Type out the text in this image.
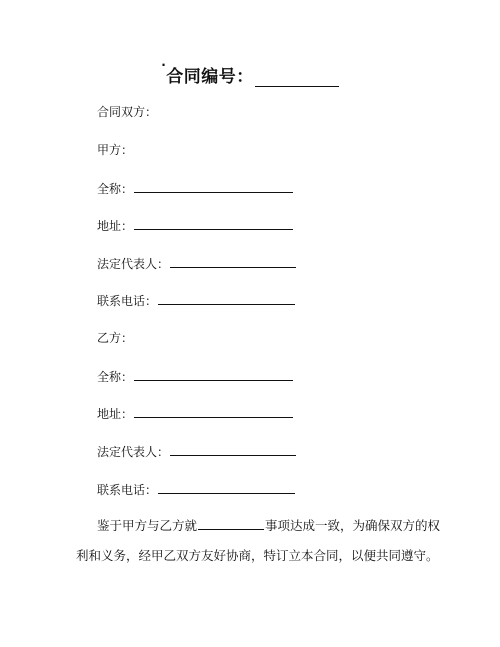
·合同编号：
合同双方：
甲方：
全称：
地址：
法定代表人：
联系电话：
乙方：
全称：
地址：
法定代表人：
联系电话：
鉴于甲方与乙方就	事项达成一致，为确保双方的权
利和义务，经甲乙双方友好协商，特订立本合同，以便共同遵守。
